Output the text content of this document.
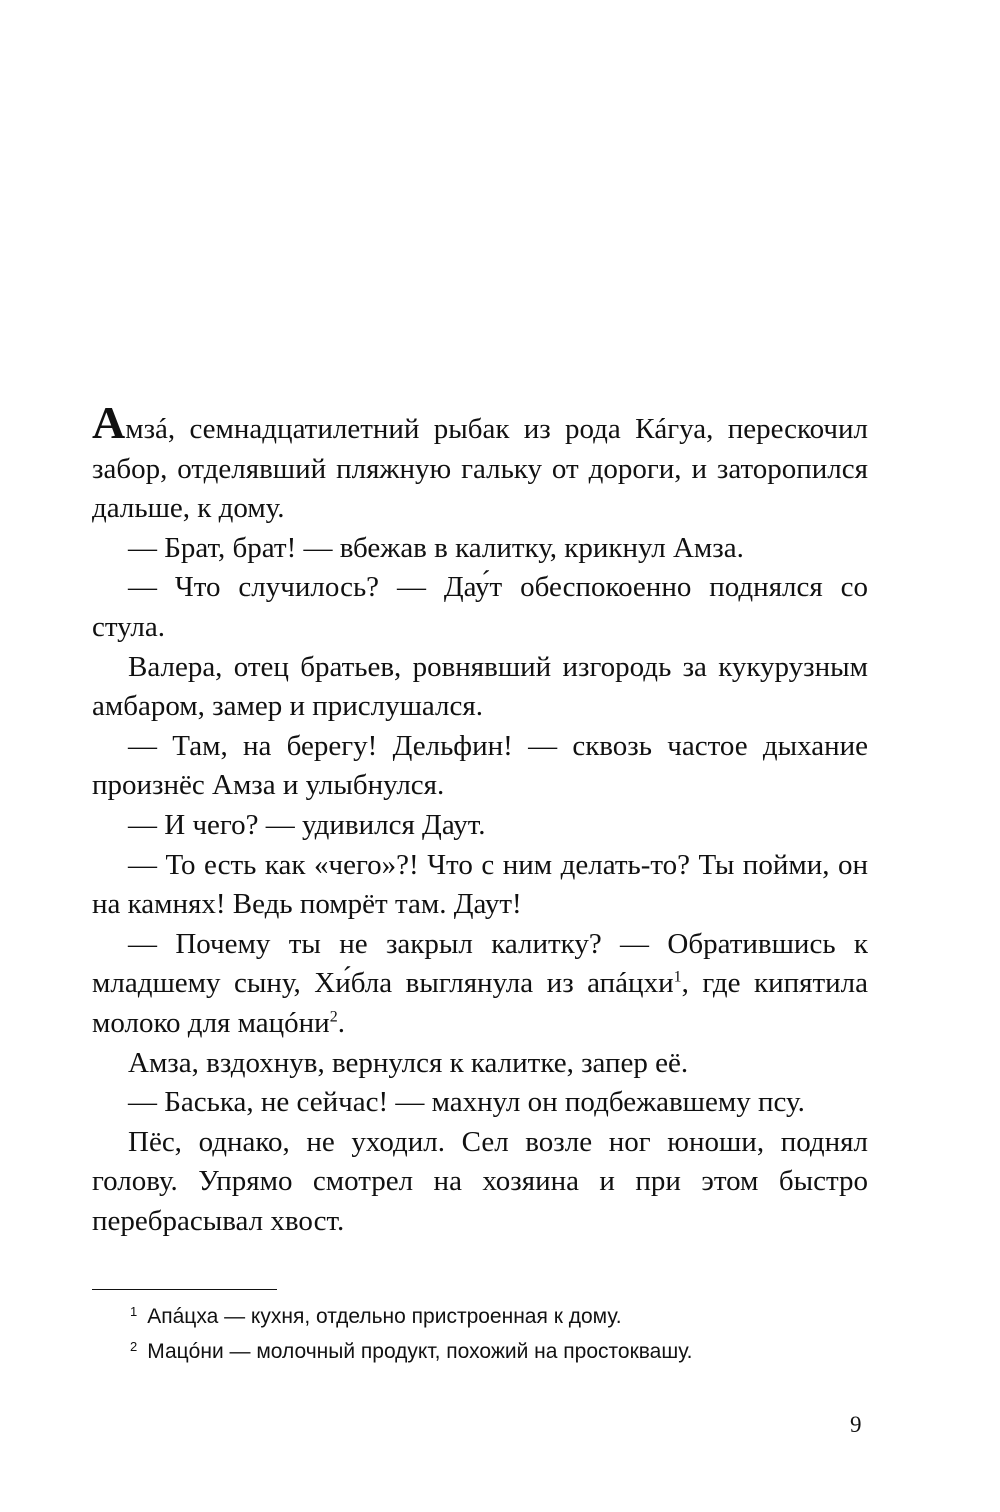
Амзá, семнадцатилетний рыбак из рода Кáгуа, перескочил забор, отделявший пляжную гальку от дороги, и заторопился дальше, к дому.

— Брат, брат! — вбежав в калитку, крикнул Амза.

— Что случилось? — Дау́т обеспокоенно поднялся со стула.

Валера, отец братьев, ровнявший изгородь за кукурузным амбаром, замер и прислушался.

— Там, на берегу! Дельфин! — сквозь частое дыхание произнёс Амза и улыбнулся.

— И чего? — удивился Даут.

— То есть как «чего»?! Что с ним делать-то? Ты пойми, он на камнях! Ведь помрёт там. Даут!

— Почему ты не закрыл калитку? — Обратившись к младшему сыну, Хи́бла выглянула из апáцхи$^1$, где кипятила молоко для мацóни$^2$.

Амза, вздохнув, вернулся к калитке, запер её.

— Баська, не сейчас! — махнул он подбежавшему псу.

Пёс, однако, не уходил. Сел возле ног юноши, поднял голову. Упрямо смотрел на хозяина и при этом быстро перебрасывал хвост.

$^1$ Апáцха — кухня, отдельно пристроенная к дому.

$^2$ Мацóни — молочный продукт, похожий на простоквашу.

9
